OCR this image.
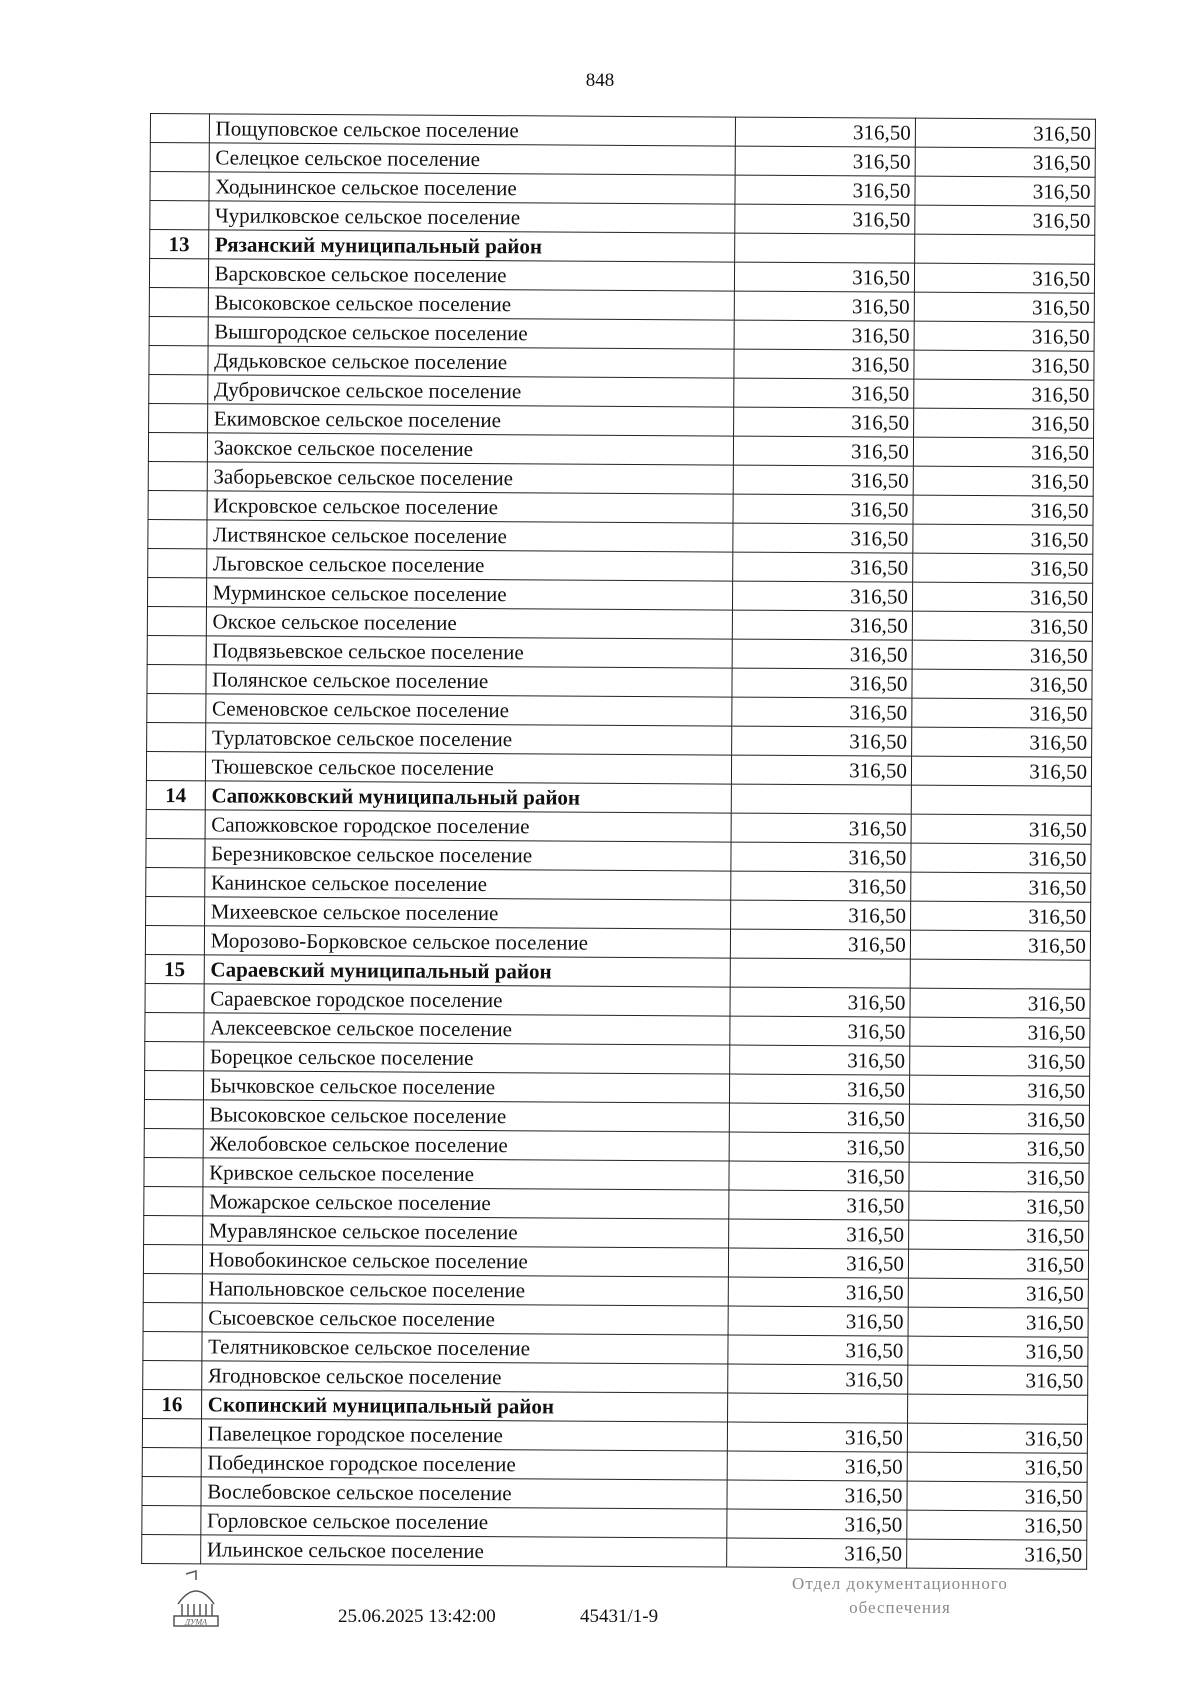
848
	Пощуповское сельское поселение	316,50	316,50
	Селецкое сельское поселение	316,50	316,50
	Ходынинское сельское поселение	316,50	316,50
	Чурилковское сельское поселение	316,50	316,50
13	Рязанский муниципальный район		
	Варсковское сельское поселение	316,50	316,50
	Высоковское сельское поселение	316,50	316,50
	Вышгородское сельское поселение	316,50	316,50
	Дядьковское сельское поселение	316,50	316,50
	Дубровичское сельское поселение	316,50	316,50
	Екимовское сельское поселение	316,50	316,50
	Заокское сельское поселение	316,50	316,50
	Заборьевское сельское поселение	316,50	316,50
	Искровское сельское поселение	316,50	316,50
	Листвянское сельское поселение	316,50	316,50
	Льговское сельское поселение	316,50	316,50
	Мурминское сельское поселение	316,50	316,50
	Окское сельское поселение	316,50	316,50
	Подвязьевское сельское поселение	316,50	316,50
	Полянское сельское поселение	316,50	316,50
	Семеновское сельское поселение	316,50	316,50
	Турлатовское сельское поселение	316,50	316,50
	Тюшевское сельское поселение	316,50	316,50
14	Сапожковский муниципальный район		
	Сапожковское городское поселение	316,50	316,50
	Березниковское сельское поселение	316,50	316,50
	Канинское сельское поселение	316,50	316,50
	Михеевское сельское поселение	316,50	316,50
	Морозово-Борковское сельское поселение	316,50	316,50
15	Сараевский муниципальный район		
	Сараевское городское поселение	316,50	316,50
	Алексеевское сельское поселение	316,50	316,50
	Борецкое сельское поселение	316,50	316,50
	Бычковское сельское поселение	316,50	316,50
	Высоковское сельское поселение	316,50	316,50
	Желобовское сельское поселение	316,50	316,50
	Кривское сельское поселение	316,50	316,50
	Можарское сельское поселение	316,50	316,50
	Муравлянское сельское поселение	316,50	316,50
	Новобокинское сельское поселение	316,50	316,50
	Напольновское сельское поселение	316,50	316,50
	Сысоевское сельское поселение	316,50	316,50
	Телятниковское сельское поселение	316,50	316,50
	Ягодновское сельское поселение	316,50	316,50
16	Скопинский муниципальный район		
	Павелецкое городское поселение	316,50	316,50
	Побединское городское поселение	316,50	316,50
	Вослебовское сельское поселение	316,50	316,50
	Горловское сельское поселение	316,50	316,50
	Ильинское сельское поселение	316,50	316,50
ДУМА	25.06.2025 13:42:00	45431/1-9
Отдел документационного
обеспечения
